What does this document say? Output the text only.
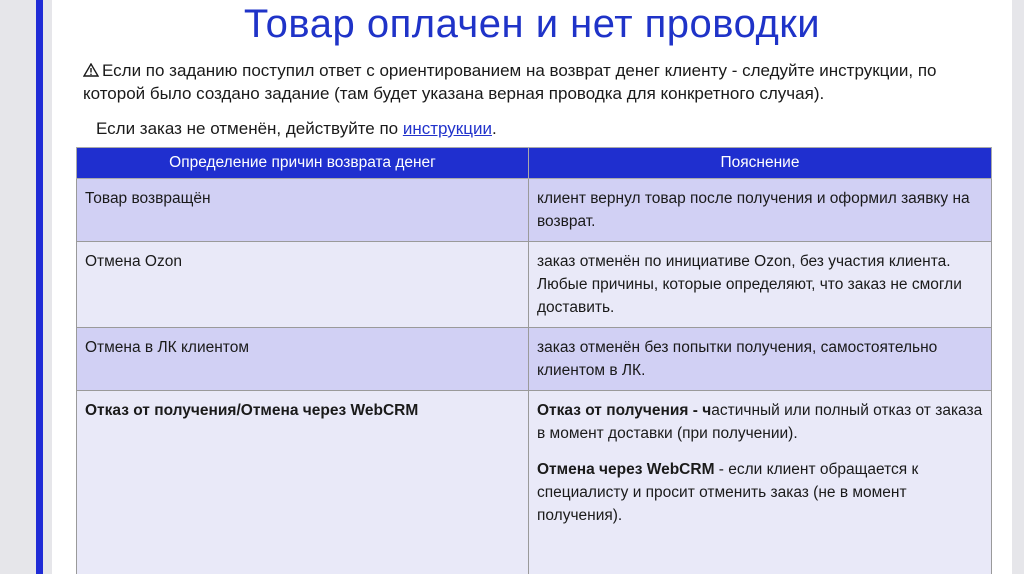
Товар оплачен и нет проводки
Если по заданию поступил ответ с ориентированием на возврат денег клиенту - следуйте инструкции, по которой было создано задание (там будет указана верная проводка для конкретного случая).
Если заказ не отменён, действуйте по инструкции.
Определение причин возврата денег	Пояснение
Товар возвращён	клиент вернул товар после получения и оформил заявку на возврат.
Отмена Ozon	заказ отменён по инициативе Ozon, без участия клиента. Любые причины, которые определяют, что заказ не смогли доставить.
Отмена в ЛК клиентом	заказ отменён без попытки получения, самостоятельно клиентом в ЛК.
Отказ от получения/Отмена через WebCRM	Отказ от получения - частичный или полный отказ от заказа в момент доставки (при получении).
Отмена через WebCRM - если клиент обращается к специалисту и просит отменить заказ (не в момент получения).
